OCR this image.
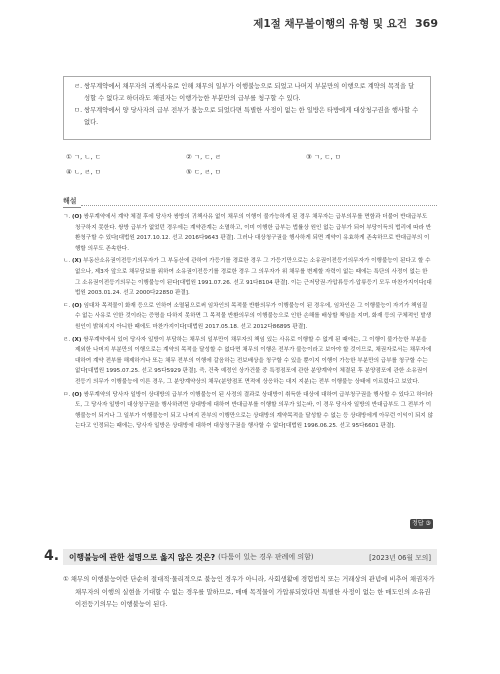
제1절 채무불이행의 유형 및 요건 369
ㄹ. 쌍무계약에서 채무자의 귀책사유로 인해 채무의 일부가 이행불능으로 되었고 나머지 부분만의 이행으로 계약의 목적을 달성할 수 없다고 하더라도 채권자는 이행가능한 부분만의 급부를 청구할 수 있다.
ㅁ. 쌍무계약에서 양 당사자의 급부 전부가 불능으로 되었다면 특별한 사정이 없는 한 일방은 타방에게 대상청구권을 행사할 수 없다.
① ㄱ, ㄴ, ㄷ	② ㄱ, ㄷ, ㄹ	③ ㄱ, ㄷ, ㅁ
④ ㄴ, ㄹ, ㅁ	⑤ ㄷ, ㄹ, ㅁ
해설

ㄱ. (O) 쌍무계약에서 계약 체결 후에 당사자 쌍방의 귀책사유 없이 채무의 이행이 불가능하게 된 경우 채무자는 급부의무를 면함과 더불어 반대급부도 청구하지 못한다. 쌍방 급부가 없었던 경우에는 계약관계는 소멸하고, 이미 이행한 급부는 법률상 원인 없는 급부가 되어 부당이득의 법리에 따라 반환청구할 수 있다[대법원 2017.10.12. 선고 2016다9643 판결]. 그러나 대상청구권을 행사하게 되면 계약이 유효하게 존속하므로 반대급부의 이행할 의무도 존속한다.

ㄴ. (X) 부동산소유권이전등기의무자가 그 부동산에 관하여 가등기를 경료한 경우 그 가등기만으로는 소유권이전등기의무자가 이행불능이 된다고 할 수 없으나, 제3자 앞으로 채무담보를 위하여 소유권이전등기를 경료한 경우 그 의무자가 위 채무를 변제할 자력이 없는 때에는 특단의 사정이 없는 한 그 소유권이전등기의무는 이행불능이 된다[대법원 1991.07.26. 선고 91다8104 판결]. 이는 근저당권·가압류등기·압류등기 모두 마찬가지이다[대법원 2003.01.24. 선고 2000다22850 판결].

ㄷ. (O) 임대차 목적물이 화재 등으로 인하여 소멸됨으로써 임차인의 목적물 반환의무가 이행불능이 된 경우에, 임차인은 그 이행불능이 자기가 책임질 수 없는 사유로 인한 것이라는 증명을 다하지 못하면 그 목적물 반환의무의 이행불능으로 인한 손해를 배상할 책임을 지며, 화재 등의 구체적인 발생 원인이 밝혀지지 아니한 때에도 마찬가지이다[대법원 2017.05.18. 선고 2012다86895 판결].

ㄹ. (X) 쌍무계약에서 있어 당사자 일방이 부담하는 채무의 일부만이 채무자의 책임 있는 사유로 이행할 수 없게 된 때에는, 그 이행이 불가능한 부분을 제외한 나머지 부분만의 이행으로는 계약의 목적을 달성할 수 없다면 채무의 이행은 전부가 불능이라고 보아야 할 것이므로, 채권자로서는 채무자에 대하여 계약 전부를 해제하거나 또는 채무 전부의 이행에 갈음하는 전보배상을 청구할 수 있을 뿐이지 이행이 가능한 부분만의 급부를 청구할 수는 없다[대법원 1995.07.25. 선고 95다5929 판결]. 즉, 건축 예정인 상가건물 중 특정점포에 관한 분양계약이 체결된 후 분양점포에 관한 소유권이전등기 의무가 이행불능에 이른 경우, 그 분양계약상의 채무(분양점포 면적에 상응하는 대지 지분)는 전부 이행불능 상태에 이르렀다고 보았다.

ㅁ. (O) 쌍무계약의 당사자 일방이 상대방의 급부가 이행불능이 된 사정의 결과로 상대방이 취득한 대상에 대하여 급부청구권을 행사할 수 있다고 하더라도, 그 당사자 일방이 대상청구권을 행사하려면 상대방에 대하여 반대급부를 이행할 의무가 있는바, 이 경우 당사자 일방의 반대급부도 그 전부가 이행불능이 되거나 그 일부가 이행불능이 되고 나머지 잔부의 이행만으로는 상대방의 계약목적을 달성할 수 없는 등 상대방에게 아무런 이익이 되지 않는다고 인정되는 때에는, 당사자 일방은 상대방에 대하여 대상청구권을 행사할 수 없다[대법원 1996.06.25. 선고 95다6601 판결].

정답 ③
4. 이행불능에 관한 설명으로 옳지 않은 것은? (다툼이 있는 경우 판례에 의함)	[2023년 06월 모의]
① 채무의 이행불능이란 단순히 절대적·물리적으로 불능인 경우가 아니라, 사회생활에 경험법칙 또는 거래상의 관념에 비추어 채권자가 채무자의 이행의 실현을 기대할 수 없는 경우를 말하므로, 매매 목적물이 가압류되었다면 특별한 사정이 없는 한 매도인의 소유권이전등기의무는 이행불능이 된다.
